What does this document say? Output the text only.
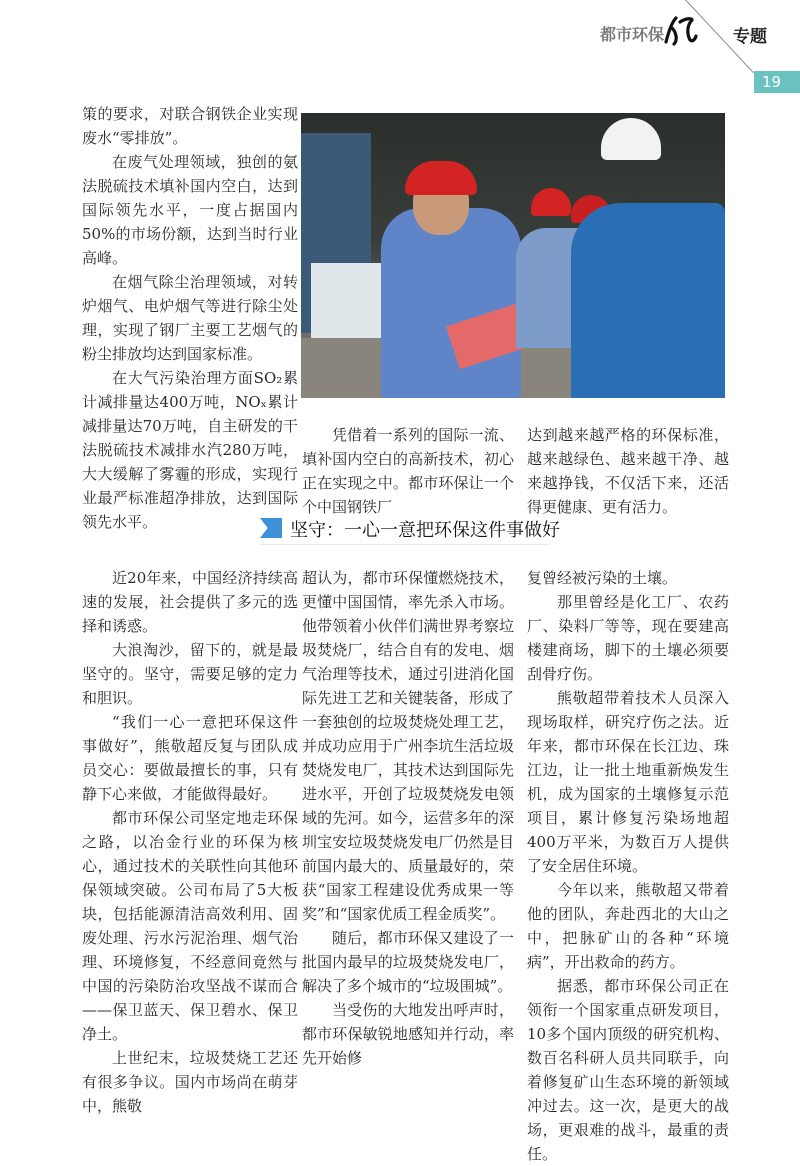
都市环保	专题
19

策的要求，对联合钢铁企业实现废水“零排放”。

在废气处理领域，独创的氨法脱硫技术填补国内空白，达到国际领先水平，一度占据国内50%的市场份额，达到当时行业高峰。

在烟气除尘治理领域，对转炉烟气、电炉烟气等进行除尘处理，实现了钢厂主要工艺烟气的粉尘排放均达到国家标准。

在大气污染治理方面SO₂累计减排量达400万吨，NOₓ累计减排量达70万吨，自主研发的干法脱硫技术减排水汽280万吨，大大缓解了雾霾的形成，实现行业最严标准超净排放，达到国际领先水平。

凭借着一系列的国际一流、填补国内空白的高新技术，初心正在实现之中。都市环保让一个个中国钢铁厂

达到越来越严格的环保标准，越来越绿色、越来越干净、越来越挣钱，不仅活下来，还活得更健康、更有活力。

坚守：一心一意把环保这件事做好

近20年来，中国经济持续高速的发展，社会提供了多元的选择和诱惑。

大浪淘沙，留下的，就是最坚守的。坚守，需要足够的定力和胆识。

“我们一心一意把环保这件事做好”，熊敬超反复与团队成员交心：要做最擅长的事，只有静下心来做，才能做得最好。

都市环保公司坚定地走环保之路，以冶金行业的环保为核心，通过技术的关联性向其他环保领域突破。公司布局了5大板块，包括能源清洁高效利用、固废处理、污水污泥治理、烟气治理、环境修复，不经意间竟然与中国的污染防治攻坚战不谋而合——保卫蓝天、保卫碧水、保卫净土。

上世纪末，垃圾焚烧工艺还有很多争议。国内市场尚在萌芽中，熊敬

超认为，都市环保懂燃烧技术，更懂中国国情，率先杀入市场。他带领着小伙伴们满世界考察垃圾焚烧厂，结合自有的发电、烟气治理等技术，通过引进消化国际先进工艺和关键装备，形成了一套独创的垃圾焚烧处理工艺，并成功应用于广州李坑生活垃圾焚烧发电厂，其技术达到国际先进水平，开创了垃圾焚烧发电领域的先河。如今，运营多年的深圳宝安垃圾焚烧发电厂仍然是目前国内最大的、质量最好的，荣获“国家工程建设优秀成果一等奖”和“国家优质工程金质奖”。

随后，都市环保又建设了一批国内最早的垃圾焚烧发电厂，解决了多个城市的“垃圾围城”。

当受伤的大地发出呼声时，都市环保敏锐地感知并行动，率先开始修

复曾经被污染的土壤。

那里曾经是化工厂、农药厂、染料厂等等，现在要建高楼建商场，脚下的土壤必须要刮骨疗伤。

熊敬超带着技术人员深入现场取样，研究疗伤之法。近年来，都市环保在长江边、珠江边，让一批土地重新焕发生机，成为国家的土壤修复示范项目，累计修复污染场地超400万平米，为数百万人提供了安全居住环境。

今年以来，熊敬超又带着他的团队，奔赴西北的大山之中，把脉矿山的各种“环境病”，开出救命的药方。

据悉，都市环保公司正在领衔一个国家重点研发项目，10多个国内顶级的研究机构、数百名科研人员共同联手，向着修复矿山生态环境的新领域冲过去。这一次，是更大的战场，更艰难的战斗，最重的责任。
